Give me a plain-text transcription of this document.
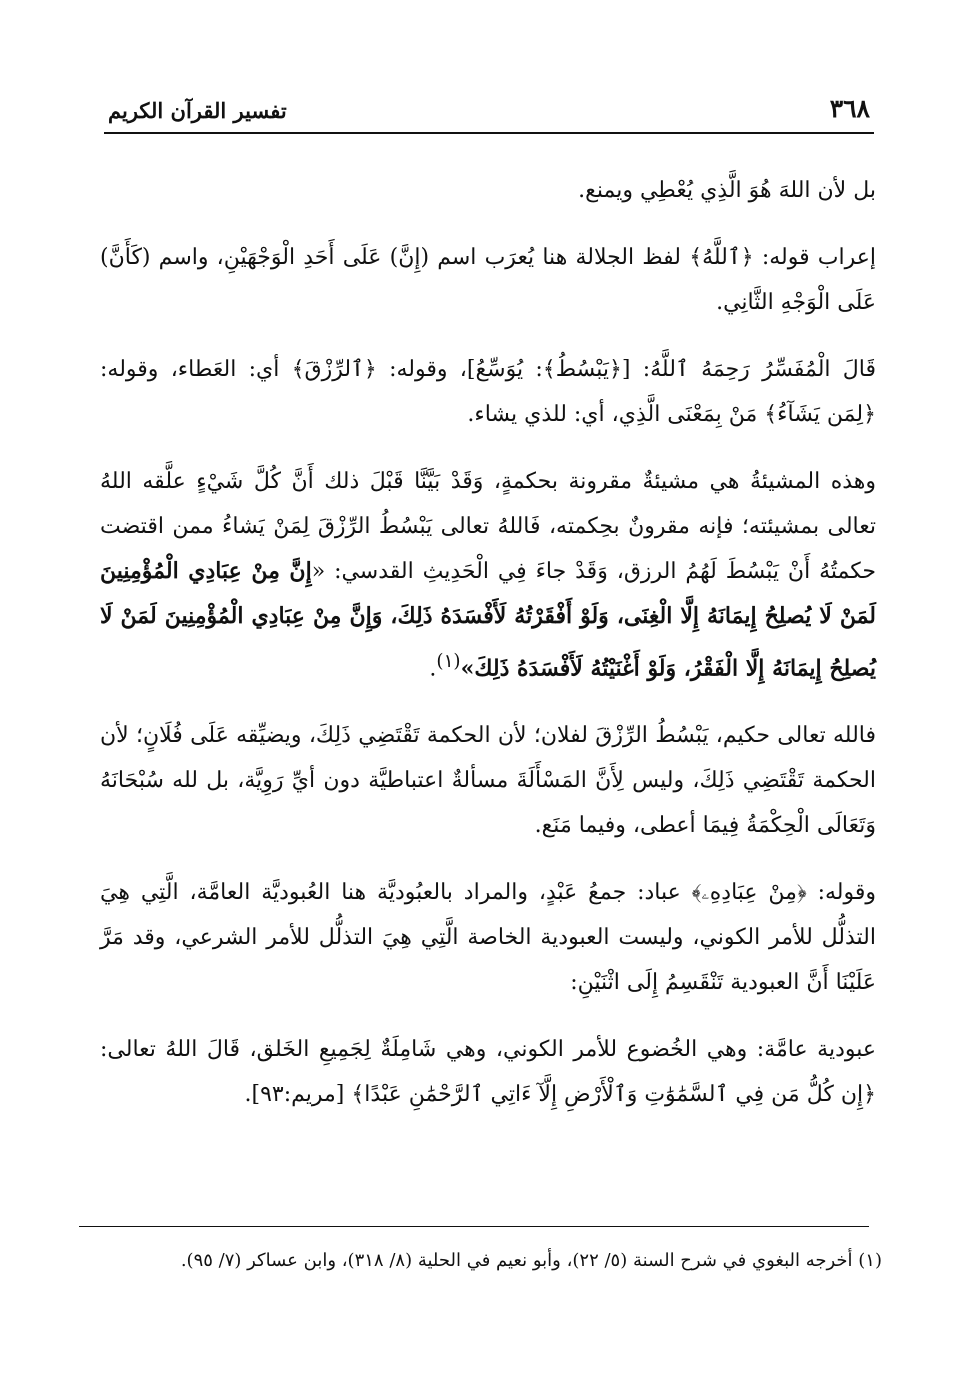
٣٦٨
تفسير القرآن الكريم

بل لأن اللهَ هُوَ الَّذِي يُعْطِي ويمنع.

إعراب قوله: ﴿ٱللَّهُ﴾ لفظ الجلالة هنا يُعرَب اسم (إِنَّ) عَلَى أَحَدِ الْوَجْهَيْنِ، واسم (كَأَنَّ) عَلَى الْوَجْهِ الثَّانِي.

قَالَ الْمُفَسِّرُ رَحِمَهُ ٱللَّهُ: [﴿يَبْسُطُ﴾: يُوَسِّعُ]، وقوله: ﴿ٱلرِّزْقَ﴾ أي: العَطاء، وقوله: ﴿لِمَن يَشَآءُ﴾ مَنْ بِمَعْنَى الَّذِي، أي: للذي يشاء.

وهذه المشيئةُ هي مشيئةٌ مقرونة بحكمةٍ، وَقَدْ بَيَّنَّا قَبْلَ ذلك أَنَّ كُلَّ شَيْءٍ علَّقه اللهُ تعالى بمشيئته؛ فإنه مقرونٌ بحِكمته، فَاللهُ تعالى يَبْسُطُ الرِّزْقَ لِمَنْ يَشاءُ ممن اقتضت حكمتُهُ أَنْ يَبْسُطَ لَهُمُ الرزق، وَقَدْ جاءَ فِي الْحَدِيثِ القدسي: «إِنَّ مِنْ عِبَادِي الْمُؤْمِنِينَ لَمَنْ لَا يُصلِحُ إِيمَانَهُ إِلَّا الْغِنَى، وَلَوْ أَفْقَرْتُهُ لَأَفْسَدَهُ ذَلِكَ، وَإِنَّ مِنْ عِبَادِي الْمُؤْمِنِينَ لَمَنْ لَا يُصلِحُ إِيمَانَهُ إِلَّا الْفَقْرُ، وَلَوْ أَغْنَيْتُهُ لَأَفْسَدَهُ ذَلِكَ»$^{(١)}$.

فالله تعالى حكيم، يَبْسُطُ الرِّزْقَ لفلان؛ لأن الحكمة تَقْتَضِي ذَلِكَ، ويضيِّقه عَلَى فُلَانٍ؛ لأن الحكمة تَقْتَضِي ذَلِكَ، وليس لِأَنَّ المَسْأَلَةَ مسألةٌ اعتباطيَّة دون أيِّ رَوِيَّة، بل لله سُبْحَانَهُ وَتَعَالَى الْحِكْمَةُ فِيمَا أعطى، وفيما مَنَع.

وقوله: ﴿مِنْ عِبَادِهِۦ﴾ عباد: جمعُ عَبْدٍ، والمراد بالعبُوديَّة هنا العُبوديَّة العامَّة، الَّتِي هِيَ التذلُّل للأمر الكوني، وليست العبودية الخاصة الَّتِي هِيَ التذلُّل للأمر الشرعي، وقد مَرَّ عَلَيْنَا أَنَّ العبودية تَنْقَسِمُ إِلَى اثْنَيْنِ:

عبودية عامَّة: وهي الخُضوع للأمر الكوني، وهي شَامِلَةٌ لِجَمِيعِ الخَلق، قَالَ اللهُ تعالى: ﴿إِن كُلُّ مَن فِي ٱلسَّمَٰوَٰتِ وَٱلْأَرْضِ إِلَّآ ءَاتِي ٱلرَّحْمَٰنِ عَبْدًا﴾ [مريم:٩٣].

(١) أخرجه البغوي في شرح السنة (٥/ ٢٢)، وأبو نعيم في الحلية (٨/ ٣١٨)، وابن عساكر (٧/ ٩٥).
